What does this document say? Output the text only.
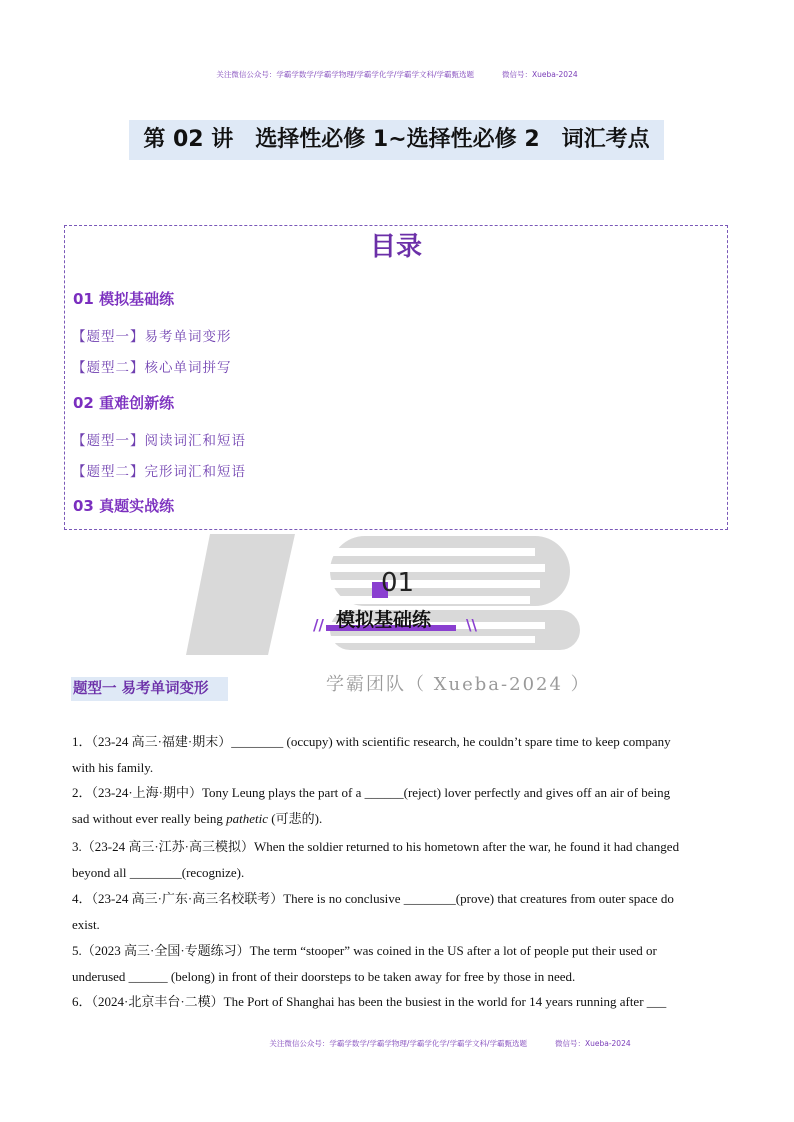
关注微信公众号：学霸学数学/学霸学物理/学霸学化学/学霸学文科/学霸甄选题	微信号：Xueba-2024
第 02 讲　选择性必修 1~选择性必修 2　词汇考点
目录
01 模拟基础练
【题型一】易考单词变形
【题型二】核心单词拼写
02 重难创新练
【题型一】阅读词汇和短语
【题型二】完形词汇和短语
03 真题实战练
01
// 模拟基础练 \\
学霸团队（ Xueba-2024 ）
题型一 易考单词变形
1．（23-24 高三·福建·期末）________ (occupy) with scientific research, he couldn’t spare time to keep company
with his family.
2．（23-24·上海·期中）Tony Leung plays the part of a ______(reject) lover perfectly and gives off an air of being
sad without ever really being pathetic (可悲的).
3.（23-24 高三·江苏·高三模拟）When the soldier returned to his hometown after the war, he found it had changed
beyond all ________(recognize).
4．（23-24 高三·广东·高三名校联考）There is no conclusive ________(prove) that creatures from outer space do
exist.
5.（2023 高三·全国·专题练习）The term “stooper” was coined in the US after a lot of people put their used or
underused ______ (belong) in front of their doorsteps to be taken away for free by those in need.
6．（2024·北京丰台·二模）The Port of Shanghai has been the busiest in the world for 14 years running after ___
关注微信公众号：学霸学数学/学霸学物理/学霸学化学/学霸学文科/学霸甄选题	微信号：Xueba-2024
